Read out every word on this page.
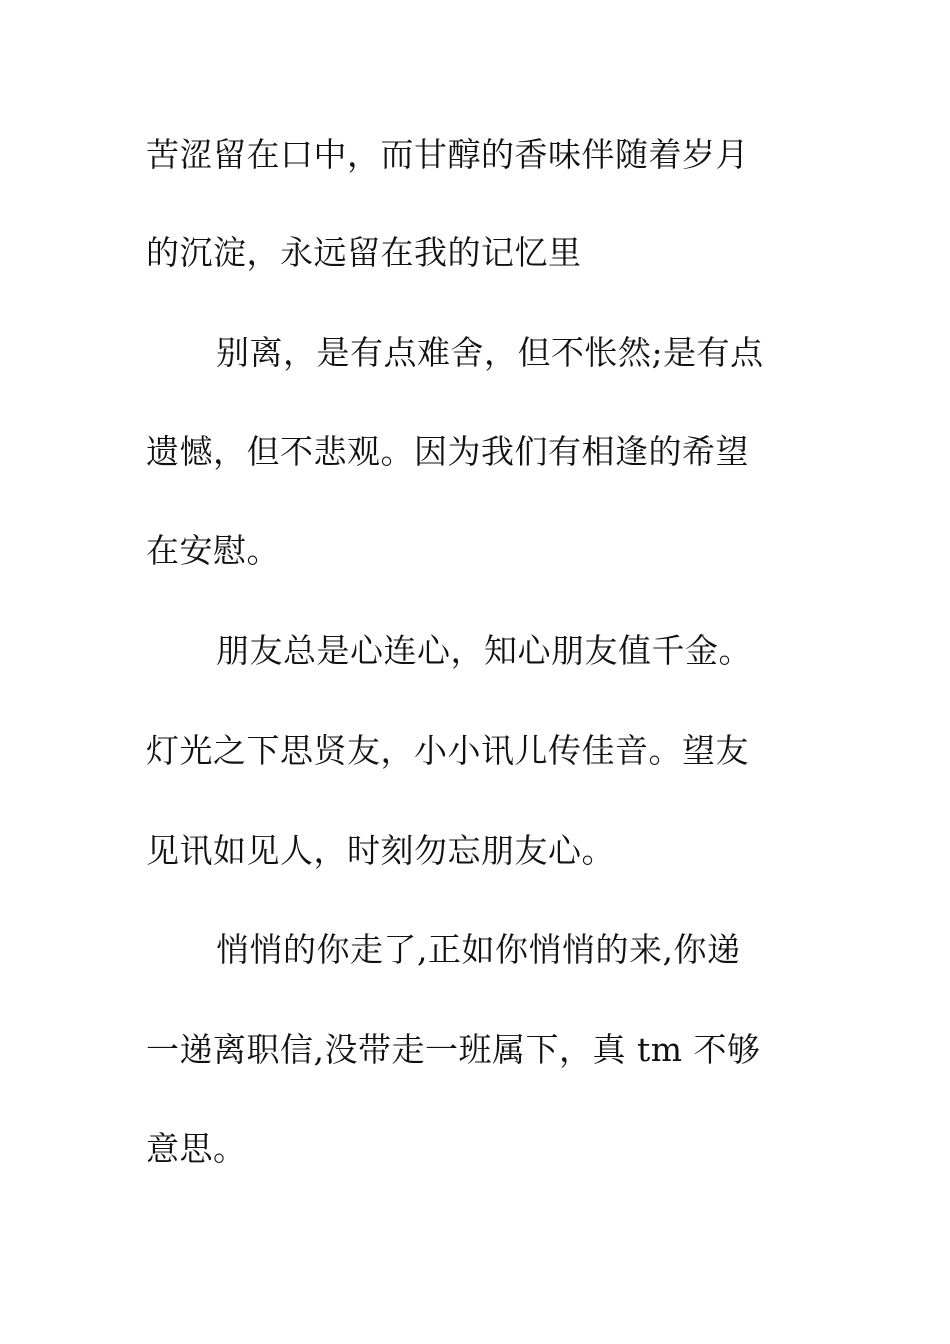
苦涩留在口中，而甘醇的香味伴随着岁月
的沉淀，永远留在我的记忆里
别离，是有点难舍，但不怅然;是有点
遗憾，但不悲观。因为我们有相逢的希望
在安慰。
朋友总是心连心，知心朋友值千金。
灯光之下思贤友，小小讯儿传佳音。望友
见讯如见人，时刻勿忘朋友心。
悄悄的你走了,正如你悄悄的来,你递
一递离职信,没带走一班属下，真 tm 不够
意思。
